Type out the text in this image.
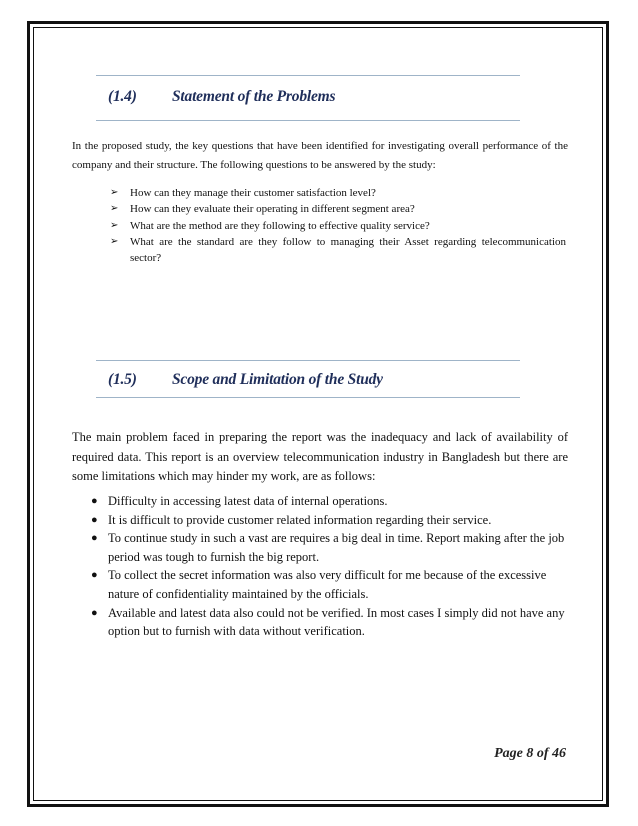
(1.4) Statement of the Problems

In the proposed study, the key questions that have been identified for investigating overall performance of the company and their structure. The following questions to be answered by the study:

➢ How can they manage their customer satisfaction level?
➢ How can they evaluate their operating in different segment area?
➢ What are the method are they following to effective quality service?
➢ What are the standard are they follow to managing their Asset regarding telecommunication sector?
(1.5) Scope and Limitation of the Study

The main problem faced in preparing the report was the inadequacy and lack of availability of required data. This report is an overview telecommunication industry in Bangladesh but there are some limitations which may hinder my work, are as follows:

● Difficulty in accessing latest data of internal operations.
● It is difficult to provide customer related information regarding their service.
● To continue study in such a vast are requires a big deal in time. Report making after the job period was tough to furnish the big report.
● To collect the secret information was also very difficult for me because of the excessive nature of confidentiality maintained by the officials.
● Available and latest data also could not be verified. In most cases I simply did not have any option but to furnish with data without verification.
Page 8 of 46
